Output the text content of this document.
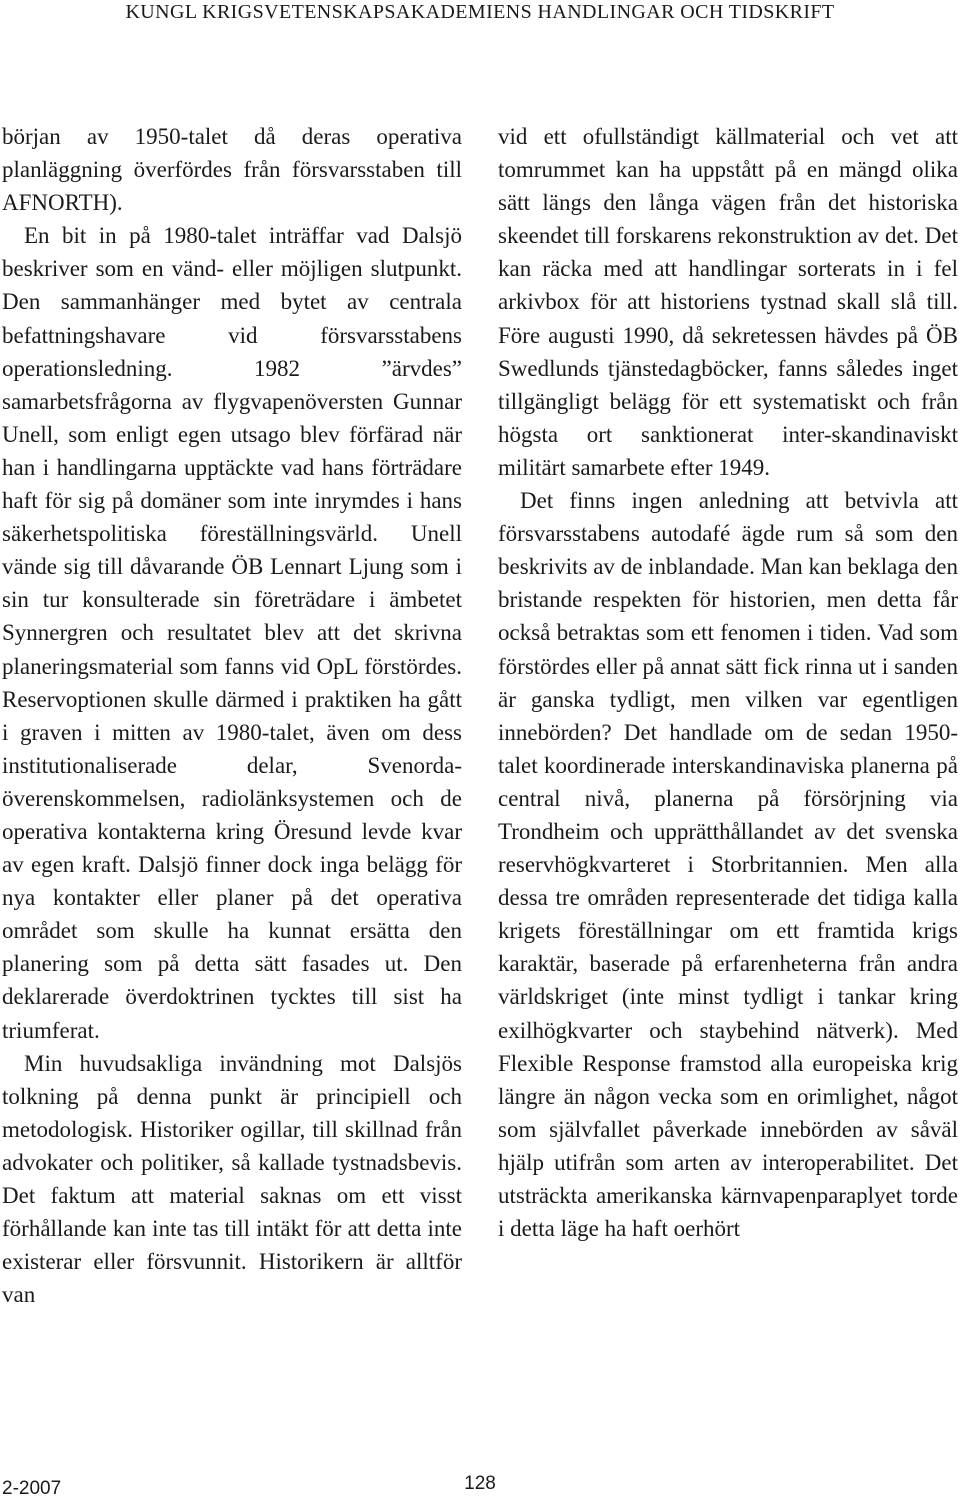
KUNGL KRIGSVETENSKAPSAKADEMIENS HANDLINGAR OCH TIDSKRIFT

början av 1950-talet då deras operativa planläggning överfördes från försvarsstaben till AFNORTH).

En bit in på 1980-talet inträffar vad Dalsjö beskriver som en vänd- eller möjligen slutpunkt. Den sammanhänger med bytet av centrala befattningshavare vid försvarsstabens operationsledning. 1982 ”ärvdes” samarbetsfrågorna av flygvapenöversten Gunnar Unell, som enligt egen utsago blev förfärad när han i handlingarna upptäckte vad hans förträdare haft för sig på domäner som inte inrymdes i hans säkerhetspolitiska föreställningsvärld. Unell vände sig till dåvarande ÖB Lennart Ljung som i sin tur konsulterade sin företrädare i ämbetet Synnergren och resultatet blev att det skrivna planeringsmaterial som fanns vid OpL förstördes. Reservoptionen skulle därmed i praktiken ha gått i graven i mitten av 1980-talet, även om dess institutionaliserade delar, Svenorda-överenskommelsen, radiolänksystemen och de operativa kontakterna kring Öresund levde kvar av egen kraft. Dalsjö finner dock inga belägg för nya kontakter eller planer på det operativa området som skulle ha kunnat ersätta den planering som på detta sätt fasades ut. Den deklarerade överdoktrinen tycktes till sist ha triumferat.

Min huvudsakliga invändning mot Dalsjös tolkning på denna punkt är principiell och metodologisk. Historiker ogillar, till skillnad från advokater och politiker, så kallade tystnadsbevis. Det faktum att material saknas om ett visst förhållande kan inte tas till intäkt för att detta inte existerar eller försvunnit. Historikern är alltför van

vid ett ofullständigt källmaterial och vet att tomrummet kan ha uppstått på en mängd olika sätt längs den långa vägen från det historiska skeendet till forskarens rekonstruktion av det. Det kan räcka med att handlingar sorterats in i fel arkivbox för att historiens tystnad skall slå till. Före augusti 1990, då sekretessen hävdes på ÖB Swedlunds tjänstedagböcker, fanns således inget tillgängligt belägg för ett systematiskt och från högsta ort sanktionerat inter-skandinaviskt militärt samarbete efter 1949.

Det finns ingen anledning att betvivla att försvarsstabens autodafé ägde rum så som den beskrivits av de inblandade. Man kan beklaga den bristande respekten för historien, men detta får också betraktas som ett fenomen i tiden. Vad som förstördes eller på annat sätt fick rinna ut i sanden är ganska tydligt, men vilken var egentligen innebörden? Det handlade om de sedan 1950-talet koordinerade interskandinaviska planerna på central nivå, planerna på försörjning via Trondheim och upprätthållandet av det svenska reservhögkvarteret i Storbritannien. Men alla dessa tre områden representerade det tidiga kalla krigets föreställningar om ett framtida krigs karaktär, baserade på erfarenheterna från andra världskriget (inte minst tydligt i tankar kring exilhögkvarter och staybehind nätverk). Med Flexible Response framstod alla europeiska krig längre än någon vecka som en orimlighet, något som självfallet påverkade innebörden av såväl hjälp utifrån som arten av interoperabilitet. Det utsträckta amerikanska kärnvapenparaplyet torde i detta läge ha haft oerhört

2-2007	128
